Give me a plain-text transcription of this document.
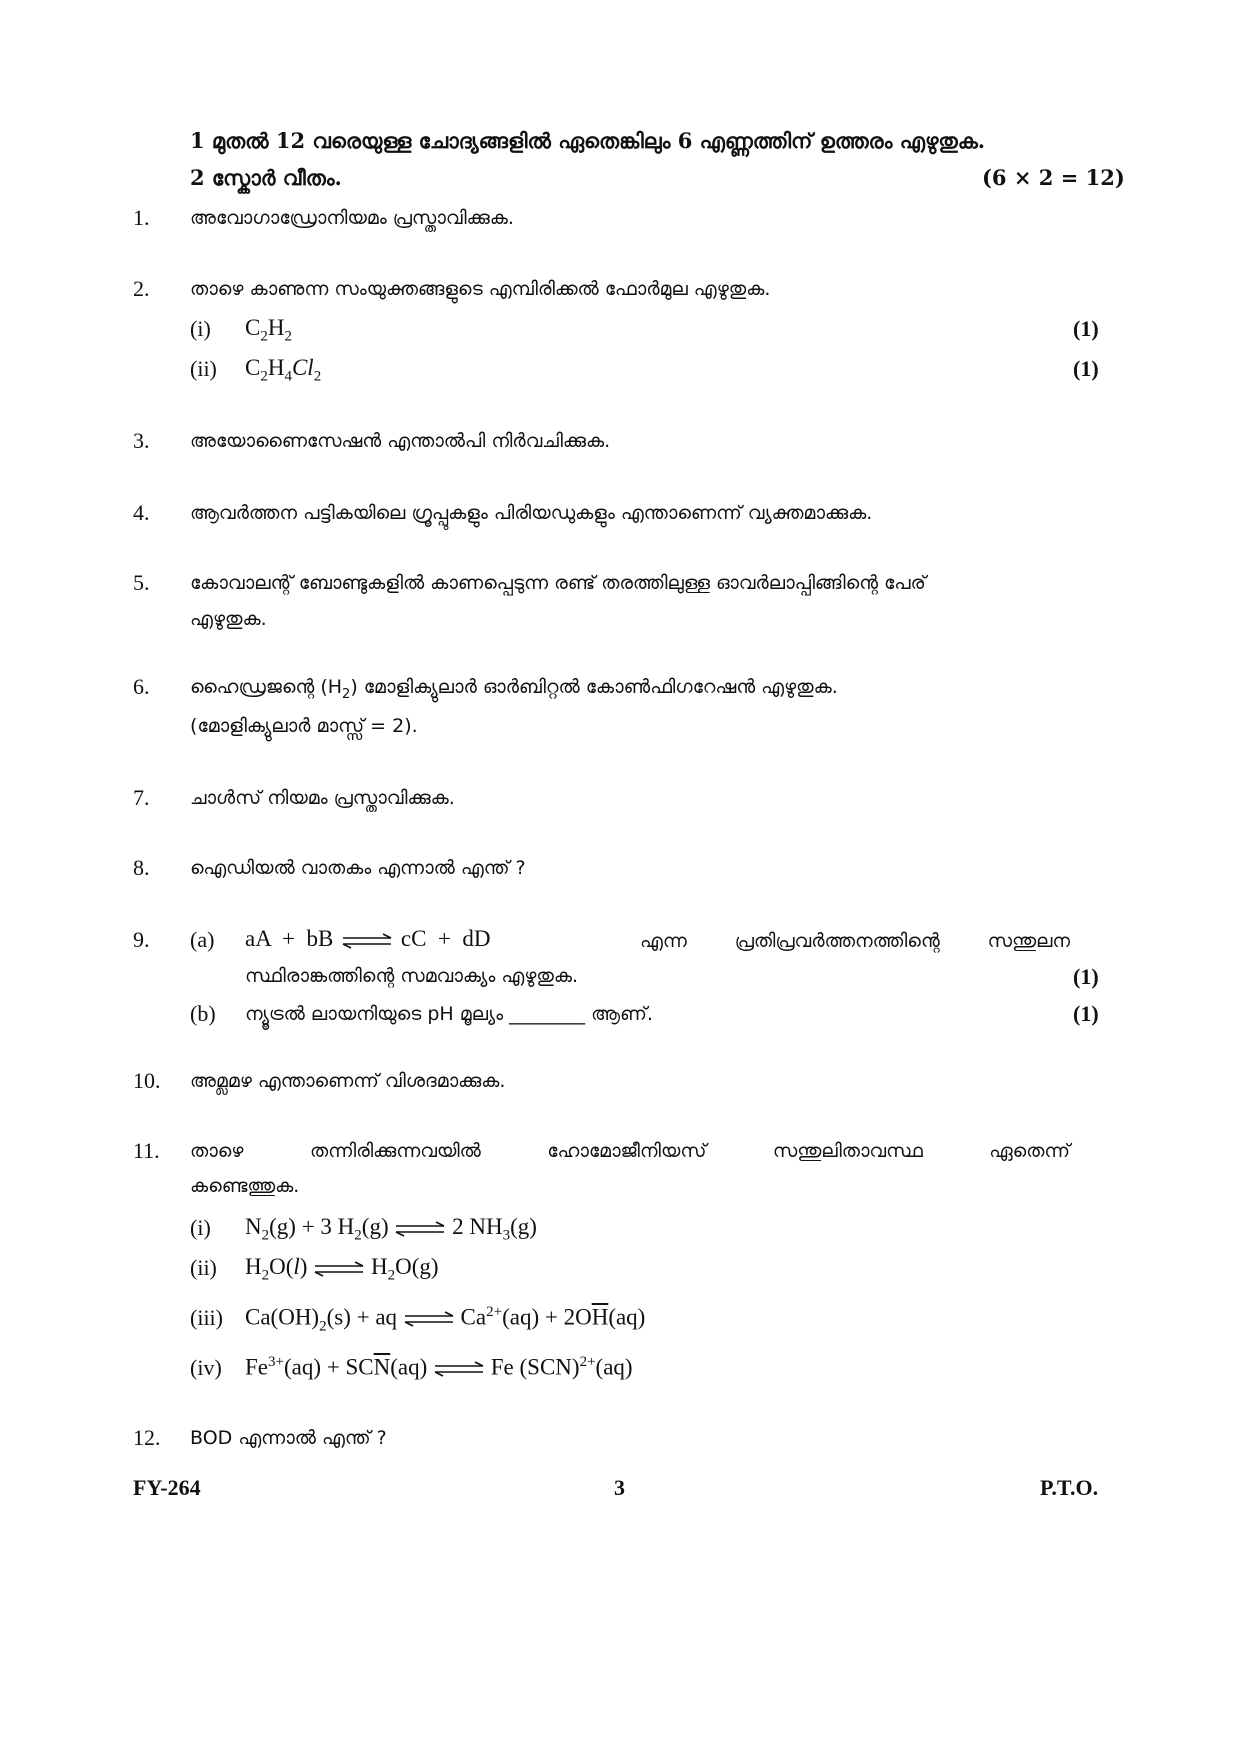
1 മുതൽ 12 വരെയുള്ള ചോദ്യങ്ങളിൽ ഏതെങ്കിലും 6 എണ്ണത്തിന് ഉത്തരം എഴുതുക.
2 സ്കോർ വീതം.	(6 × 2 = 12)
1. അവോഗാഡ്രോനിയമം പ്രസ്താവിക്കുക.
2. താഴെ കാണുന്ന സംയുക്തങ്ങളുടെ എമ്പിരിക്കൽ ഫോർമുല എഴുതുക.
(i) $C_2H_2$	(1)
(ii) $C_2H_4Cl_2$	(1)
3. അയോണൈസേഷൻ എന്താൽപി നിർവചിക്കുക.
4. ആവർത്തന പട്ടികയിലെ ഗ്രൂപ്പുകളും പിരിയഡുകളും എന്താണെന്ന് വ്യക്തമാക്കുക.
5. കോവാലന്റ് ബോണ്ടുകളിൽ കാണപ്പെടുന്ന രണ്ട് തരത്തിലുള്ള ഓവർലാപ്പിങ്ങിന്റെ പേര്
എഴുതുക.
6. ഹൈഡ്രജന്റെ $(H_2)$ മോളിക്യുലാർ ഓർബിറ്റൽ കോൺഫിഗറേഷൻ എഴുതുക.
(മോളിക്യുലാർ മാസ്സ് = 2).
7. ചാൾസ് നിയമം പ്രസ്താവിക്കുക.
8. ഐഡിയൽ വാതകം എന്നാൽ എന്ത് ?
9. (a) aA  +  bB ⇌ cC  +  dD	എന്ന പ്രതിപ്രവർത്തനത്തിന്റെ സന്തുലന
സ്ഥിരാങ്കത്തിന്റെ സമവാക്യം എഴുതുക.	(1)
(b) ന്യൂട്രൽ ലായനിയുടെ pH മൂല്യം ________ ആണ്.	(1)
10. അമ്ലമഴ എന്താണെന്ന് വിശദമാക്കുക.
11. താഴെ തന്നിരിക്കുന്നവയിൽ ഹോമോജീനിയസ് സന്തുലിതാവസ്ഥ ഏതെന്ന്
കണ്ടെത്തുക.
(i) $N_2(g) + 3$ $H_2(g)$ ⇌ 2 $NH_3(g)$
(ii) $H_2O(l)$ ⇌ $H_2O(g)$
(iii) $Ca(OH)_2(s)$ + aq ⇌ $Ca^{2+}(aq) + 2O\overline{H}(aq)$
(iv) $Fe^{3+}(aq) + SC\overline{N}(aq)$ ⇌ Fe (SCN)$^{2+}$(aq)
12. BOD എന്നാൽ എന്ത് ?
FY-264	3	P.T.O.
